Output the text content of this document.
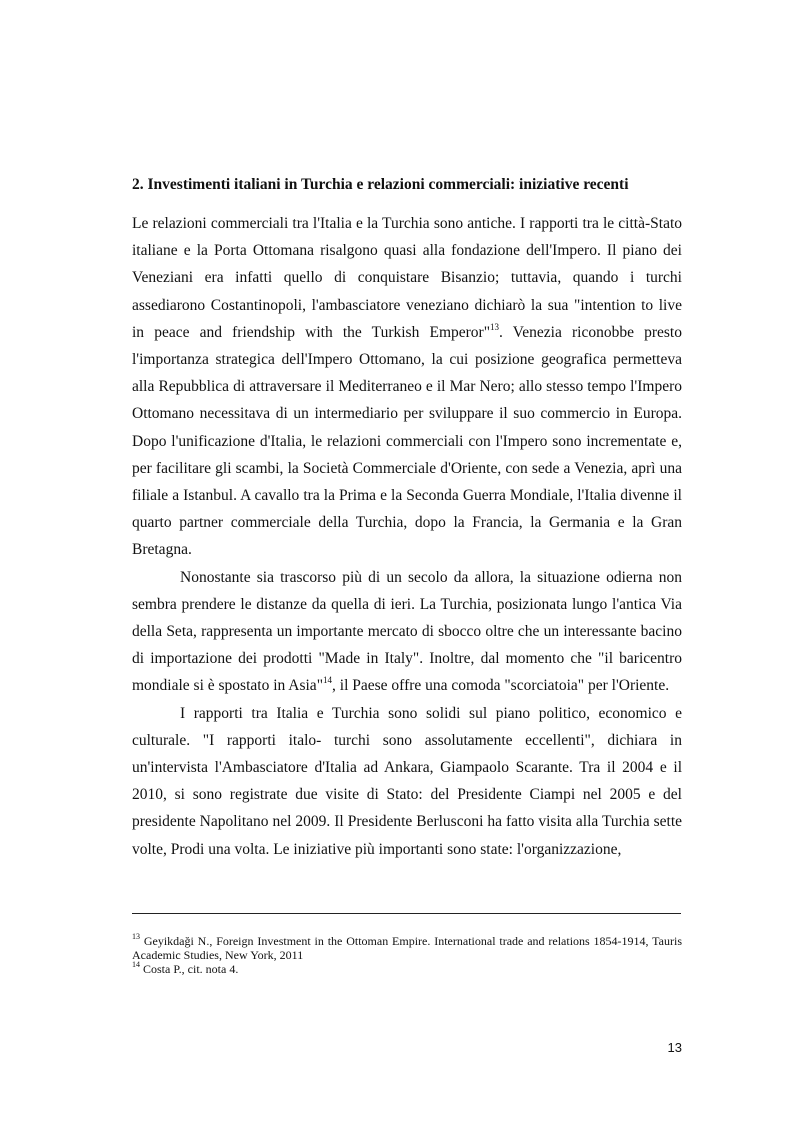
2. Investimenti italiani in Turchia e relazioni commerciali: iniziative recenti

Le relazioni commerciali tra l'Italia e la Turchia sono antiche. I rapporti tra le città-Stato italiane e la Porta Ottomana risalgono quasi alla fondazione dell'Impero. Il piano dei Veneziani era infatti quello di conquistare Bisanzio; tuttavia, quando i turchi assediarono Costantinopoli, l'ambasciatore veneziano dichiarò la sua "intention to live in peace and friendship with the Turkish Emperor"$^{13}$. Venezia riconobbe presto l'importanza strategica dell'Impero Ottomano, la cui posizione geografica permetteva alla Repubblica di attraversare il Mediterraneo e il Mar Nero; allo stesso tempo l'Impero Ottomano necessitava di un intermediario per sviluppare il suo commercio in Europa. Dopo l'unificazione d'Italia, le relazioni commerciali con l'Impero sono incrementate e, per facilitare gli scambi, la Società Commerciale d'Oriente, con sede a Venezia, aprì una filiale a Istanbul. A cavallo tra la Prima e la Seconda Guerra Mondiale, l'Italia divenne il quarto partner commerciale della Turchia, dopo la Francia, la Germania e la Gran Bretagna.

Nonostante sia trascorso più di un secolo da allora, la situazione odierna non sembra prendere le distanze da quella di ieri. La Turchia, posizionata lungo l'antica Via della Seta, rappresenta un importante mercato di sbocco oltre che un interessante bacino di importazione dei prodotti "Made in Italy". Inoltre, dal momento che "il baricentro mondiale si è spostato in Asia"$^{14}$, il Paese offre una comoda "scorciatoia" per l'Oriente.

I rapporti tra Italia e Turchia sono solidi sul piano politico, economico e culturale. "I rapporti italo- turchi sono assolutamente eccellenti", dichiara in un'intervista l'Ambasciatore d'Italia ad Ankara, Giampaolo Scarante. Tra il 2004 e il 2010, si sono registrate due visite di Stato: del Presidente Ciampi nel 2005 e del presidente Napolitano nel 2009. Il Presidente Berlusconi ha fatto visita alla Turchia sette volte, Prodi una volta. Le iniziative più importanti sono state: l'organizzazione,

$^{13}$ Geyikdaği N., Foreign Investment in the Ottoman Empire. International trade and relations 1854-1914, Tauris Academic Studies, New York, 2011

$^{14}$ Costa P., cit. nota 4.

13
